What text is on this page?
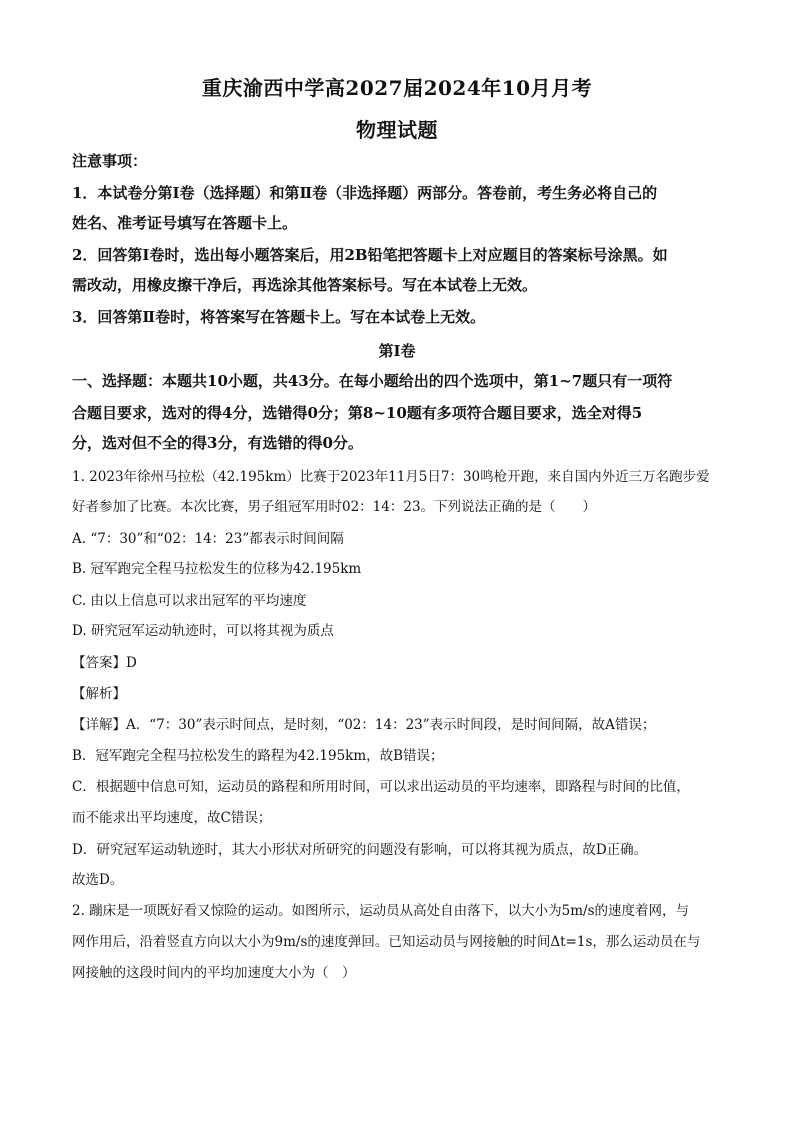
重庆渝西中学高2027届2024年10月月考
物理试题
注意事项：
1．本试卷分第Ⅰ卷（选择题）和第Ⅱ卷（非选择题）两部分。答卷前，考生务必将自己的
姓名、准考证号填写在答题卡上。
2．回答第Ⅰ卷时，选出每小题答案后，用2B铅笔把答题卡上对应题目的答案标号涂黑。如
需改动，用橡皮擦干净后，再选涂其他答案标号。写在本试卷上无效。
3．回答第Ⅱ卷时，将答案写在答题卡上。写在本试卷上无效。
第Ⅰ卷
一、选择题：本题共10小题，共43分。在每小题给出的四个选项中，第1~7题只有一项符
合题目要求，选对的得4分，选错得0分；第8~10题有多项符合题目要求，选全对得5
分，选对但不全的得3分，有选错的得0分。
1. 2023年徐州马拉松（42.195km）比赛于2023年11月5日7：30鸣枪开跑，来自国内外近三万名跑步爱
好者参加了比赛。本次比赛，男子组冠军用时02：14：23。下列说法正确的是（　　）
A. “7：30”和“02：14：23”都表示时间间隔
B. 冠军跑完全程马拉松发生的位移为42.195km
C. 由以上信息可以求出冠军的平均速度
D. 研究冠军运动轨迹时，可以将其视为质点
【答案】D
【解析】
【详解】A．“7：30”表示时间点，是时刻，“02：14：23”表示时间段，是时间间隔，故A错误；
B．冠军跑完全程马拉松发生的路程为42.195km，故B错误；
C．根据题中信息可知，运动员的路程和所用时间，可以求出运动员的平均速率，即路程与时间的比值，
而不能求出平均速度，故C错误；
D．研究冠军运动轨迹时，其大小形状对所研究的问题没有影响，可以将其视为质点，故D正确。
故选D。
2. 蹦床是一项既好看又惊险的运动。如图所示，运动员从高处自由落下，以大小为5m/s的速度着网，与
网作用后，沿着竖直方向以大小为9m/s的速度弹回。已知运动员与网接触的时间Δt=1s，那么运动员在与
网接触的这段时间内的平均加速度大小为（　）
